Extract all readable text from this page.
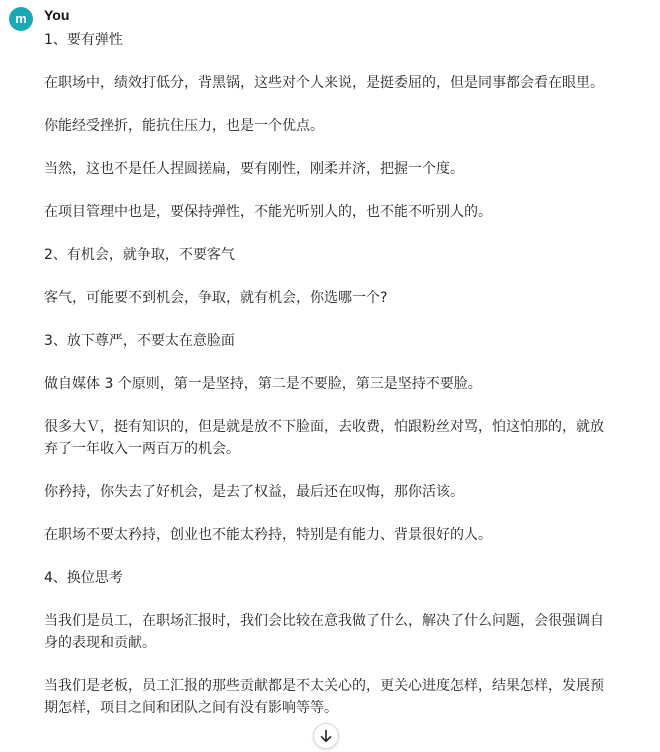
m	You

1、要有弹性

在职场中，绩效打低分，背黑锅，这些对个人来说，是挺委屈的，但是同事都会看在眼里。

你能经受挫折，能抗住压力，也是一个优点。

当然，这也不是任人捏圆搓扁，要有刚性，刚柔并济，把握一个度。

在项目管理中也是，要保持弹性，不能光听别人的，也不能不听别人的。

2、有机会，就争取，不要客气

客气，可能要不到机会，争取，就有机会，你选哪一个?

3、放下尊严，不要太在意脸面

做自媒体 3 个原则，第一是坚持，第二是不要脸，第三是坚持不要脸。

很多大Ｖ，挺有知识的，但是就是放不下脸面，去收费，怕跟粉丝对骂，怕这怕那的，就放弃了一年收入一两百万的机会。

你矜持，你失去了好机会，是去了权益，最后还在叹悔，那你活该。

在职场不要太矜持，创业也不能太矜持，特别是有能力、背景很好的人。

4、换位思考

当我们是员工，在职场汇报时，我们会比较在意我做了什么，解决了什么问题，会很强调自身的表现和贡献。

当我们是老板，员工汇报的那些贡献都是不太关心的，更关心进度怎样，结果怎样，发展预期怎样，项目之间和团队之间有没有影响等等。
